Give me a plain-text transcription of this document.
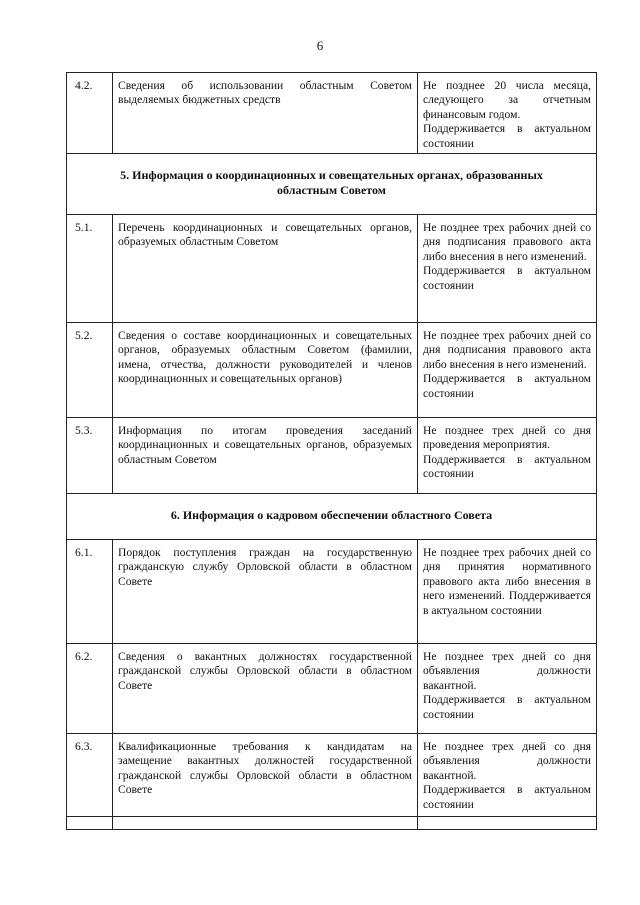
6
4.2.	Сведения об использовании областным Советом выделяемых бюджетных средств	Не позднее 20 числа месяца, следующего за отчетным финансовым годом.
Поддерживается в актуальном состоянии

5. Информация о координационных и совещательных органах, образованных областным Советом		
5.1.	Перечень координационных и совещательных органов, образуемых областным Советом	Не позднее трех рабочих дней со дня подписания правового акта либо внесения в него изменений.
Поддерживается в актуальном состоянии

5.2.	Сведения о составе координационных и совещательных органов, образуемых областным Советом (фамилии, имена, отчества, должности руководителей и членов координационных и совещательных органов)	Не позднее трех рабочих дней со дня подписания правового акта либо внесения в него изменений.
Поддерживается в актуальном состоянии

5.3.	Информация по итогам проведения заседаний координационных и совещательных органов, образуемых областным Советом	Не позднее трех дней со дня проведения мероприятия.
Поддерживается в актуальном состоянии

6. Информация о кадровом обеспечении областного Совета		
6.1.	Порядок поступления граждан на государственную гражданскую службу Орловской области в областном Совете	Не позднее трех рабочих дней со дня принятия нормативного правового акта либо внесения в него изменений. Поддерживается в актуальном состоянии

6.2.	Сведения о вакантных должностях государственной гражданской службы Орловской области в областном Совете	Не позднее трех дней со дня объявления должности вакантной.
Поддерживается в актуальном состоянии

6.3.	Квалификационные требования к кандидатам на замещение вакантных должностей государственной гражданской службы Орловской области в областном Совете	Не позднее трех дней со дня объявления должности вакантной.
Поддерживается в актуальном состоянии
